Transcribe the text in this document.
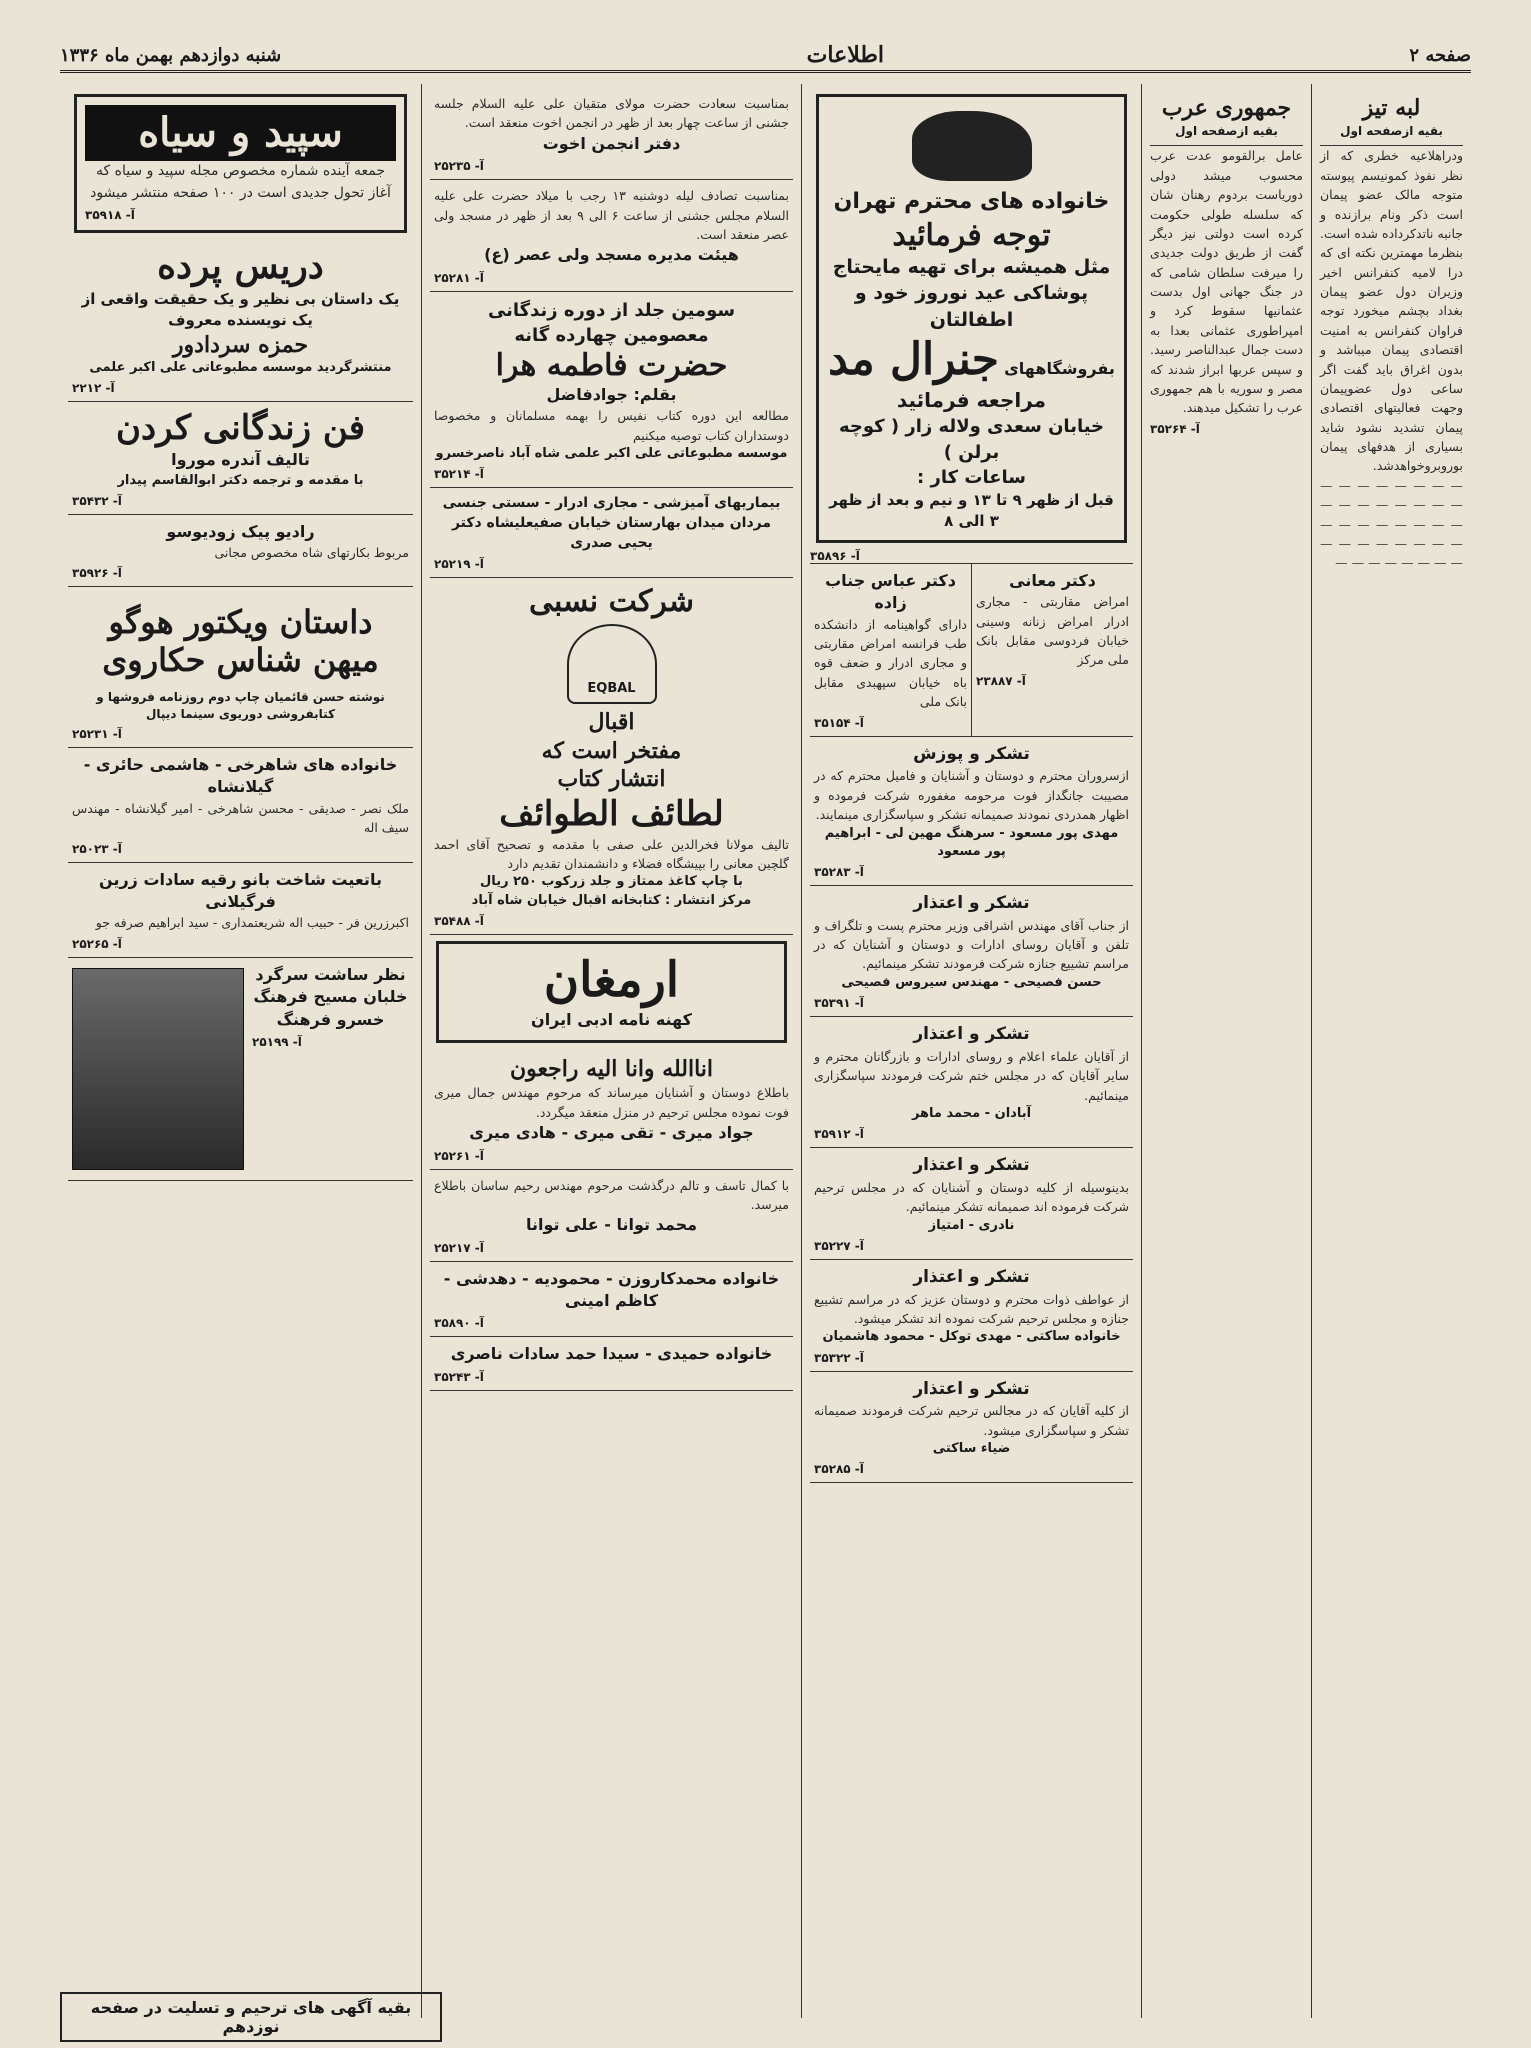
صفحه ۲
اطلاعات
شنبه دوازدهم بهمن ماه ۱۳۳۶
لبه تیز
بقیه ازصفحه اول
ودراهلاعیه خطری که از نظر نفوذ کمونیسم پیوسته متوجه مالک عضو پیمان است ذکر ونام برازنده و جانبه ناتدکرداده شده است. بنظرما مهمترین نکته ای که درا لامیه کنفرانس اخیر وزیران دول عضو پیمان بغداد بچشم میخورد توجه فراوان کنفرانس به امنیت اقتصادی پیمان میباشد و بدون اغراق باید گفت اگر ساعی دول عضوپیمان وجهت فعالیتهای اقتصادی پیمان تشدید نشود شاید بسیاری از هدفهای پیمان بوروبروخواهدشد.
— — — — — — — — — — — — — — — — — — — — — — — — — — — — — — — — — — — — — — — —
جمهوری عرب
بقیه ازصفحه اول
عامل برالقومو عدت عرب محسوب میشد دولی دوریاست بردوم رهنان شان که سلسله طولی حکومت کرده است دولتی نیز دیگر گفت از طریق دولت جدیدی را میرفت سلطان شامی که در جنگ جهانی اول بدست عثمانیها سقوط کرد و امپراطوری عثمانی بعدا به دست جمال عبدالناصر رسید. و سپس عربها ابراز شدند که مصر و سوریه با هم جمهوری عرب را تشکیل میدهند.
آ- ۳۵۲۶۴
خانواده های محترم تهران
توجه فرمائید
مثل همیشه برای تهیه مایحتاج
پوشاکی عید نوروز خود و اطفالتان
بفروشگاههای جنرال مد
مراجعه فرمائید
خیابان سعدی ولاله زار ( کوچه برلن )
ساعات کار :
قبل از ظهر ۹ تا ۱۳ و نیم و بعد از ظهر ۳ الی ۸
آ- ۳۵۸۹۶
دکتر معانی
امراض مقاربتی - مجاری ادرار امراض زنانه وسینی خیابان فردوسی مقابل بانک ملی مرکز
آ- ۲۳۸۸۷
دکتر عباس جناب زاده
دارای گواهینامه از دانشکده طب فرانسه امراض مقاربتی و مجاری ادرار و ضعف قوه باه خیابان سپهبدی مقابل بانک ملی
آ- ۳۵۱۵۴
تشکر و پوزش
ازسروران محترم و دوستان و آشنایان و فامیل محترم که در مصیبت جانگداز فوت مرحومه مغفوره شرکت فرموده و اظهار همدردی نمودند صمیمانه تشکر و سپاسگزاری مینمایند.
مهدی پور مسعود - سرهنگ مهین لی - ابراهیم پور مسعود
آ- ۳۵۲۸۳
تشکر و اعتذار
از جناب آقای مهندس اشراقی وزیر محترم پست و تلگراف و تلفن و آقایان روسای ادارات و دوستان و آشنایان که در مراسم تشییع جنازه شرکت فرمودند تشکر مینمائیم.
حسن فصیحی - مهندس سیروس فصیحی
آ- ۳۵۳۹۱
تشکر و اعتذار
از آقایان علماء اعلام و روسای ادارات و بازرگانان محترم و سایر آقایان که در مجلس ختم شرکت فرمودند سپاسگزاری مینمائیم.
آبادان - محمد ماهر
آ- ۳۵۹۱۲
تشکر و اعتذار
بدینوسیله از کلیه دوستان و آشنایان که در مجلس ترحیم شرکت فرموده اند صمیمانه تشکر مینمائیم.
نادری - امتیاز
آ- ۳۵۲۲۷
تشکر و اعتذار
از عواطف ذوات محترم و دوستان عزیز که در مراسم تشییع جنازه و مجلس ترحیم شرکت نموده اند تشکر میشود.
خانواده ساکتی - مهدی توکل - محمود هاشمیان
آ- ۳۵۳۲۲
تشکر و اعتذار
از کلیه آقایان که در مجالس ترحیم شرکت فرمودند صمیمانه تشکر و سپاسگزاری میشود.
ضیاء ساکتی
آ- ۳۵۲۸۵
بمناسبت سعادت حضرت مولای متقیان علی علیه السلام جلسه جشنی از ساعت چهار بعد از ظهر در انجمن اخوت منعقد است.
دفتر انجمن اخوت
آ- ۲۵۲۳۵
بمناسبت تصادف لیله دوشنبه ۱۳ رجب با میلاد حضرت علی علیه السلام مجلس جشنی از ساعت ۶ الی ۹ بعد از ظهر در مسجد ولی عصر منعقد است.
هیئت مدیره مسجد ولی عصر (ع)
آ- ۲۵۲۸۱
سومین جلد از دوره زندگانی
معصومین چهارده گانه
حضرت فاطمه هرا
بقلم: جوادفاضل
مطالعه این دوره کتاب نفیس را بهمه مسلمانان و مخصوصا دوستداران کتاب توصیه میکنیم
موسسه مطبوعاتی علی اکبر علمی شاه آباد ناصرخسرو
آ- ۳۵۲۱۴
بیماریهای آمیزشی - مجاری ادرار - سستی جنسی مردان میدان بهارستان خیابان صفیعلیشاه دکتر یحیی صدری
آ- ۲۵۲۱۹
شرکت نسبی
EQBAL
اقبال
مفتخر است که
انتشار کتاب
لطائف الطوائف
تالیف مولانا فخرالدین علی صفی با مقدمه و تصحیح آقای احمد گلچین معانی را بپیشگاه فضلاء و دانشمندان تقدیم دارد
با چاپ کاغذ ممتاز و جلد زرکوب ۲۵۰ ریال
مرکز انتشار : کتابخانه اقبال خیابان شاه آباد
آ- ۳۵۴۸۸
ارمغان
کهنه نامه ادبی ایران
اناالله وانا الیه راجعون
باطلاع دوستان و آشنایان میرساند که مرحوم مهندس جمال میری فوت نموده مجلس ترحیم در منزل منعقد میگردد.
جواد میری - تقی میری - هادی میری
آ- ۲۵۲۶۱
با کمال تاسف و تالم درگذشت مرحوم مهندس رحیم ساسان باطلاع میرسد.
محمد توانا - علی توانا
آ- ۲۵۲۱۷
خانواده محمدکاروزن - محمودیه - دهدشی - کاظم امینی
آ- ۳۵۸۹۰
خانواده حمیدی - سیدا حمد سادات ناصری
آ- ۳۵۲۴۳
سپید و سیاه
جمعه آینده شماره مخصوص مجله سپید و سیاه که آغاز تحول جدیدی است در ۱۰۰ صفحه منتشر میشود
آ- ۳۵۹۱۸
دریس پرده
یک داستان بی نظیر و یک حقیقت واقعی از یک نویسنده معروف
حمزه سردادور
منتشرگردید موسسه مطبوعاتی علی اکبر علمی
آ- ۲۲۱۲
فن زندگانی کردن
تالیف آندره موروا
با مقدمه و ترجمه دکتر ابوالقاسم پیدار
آ- ۳۵۴۳۲
رادیو پیک زودیوسو
مربوط بکارتهای شاه مخصوص مجانی
آ- ۳۵۹۲۶
داستان ویکتور هوگو میهن شناس حکاروی
نوشته حسن قائمیان چاپ دوم روزنامه فروشها و کتابفروشی دوریوی سینما دیپال
آ- ۲۵۲۳۱
خانواده های شاهرخی - هاشمی حائری - گیلانشاه
ملک نصر - صدیقی - محسن شاهرخی - امیر گیلانشاه - مهندس سیف اله
آ- ۲۵۰۲۳
باتعیت شاخت بانو رقیه سادات زرین فرگیلانی
اکبرزرین فر - حبیب اله شریعتمداری - سید ابراهیم صرفه جو
آ- ۲۵۲۶۵
نظر ساشت سرگرد خلبان مسیح فرهنگ
خسرو فرهنگ
آ- ۲۵۱۹۹
بقیه آگهی های ترحیم و تسلیت در صفحه نوزدهم
